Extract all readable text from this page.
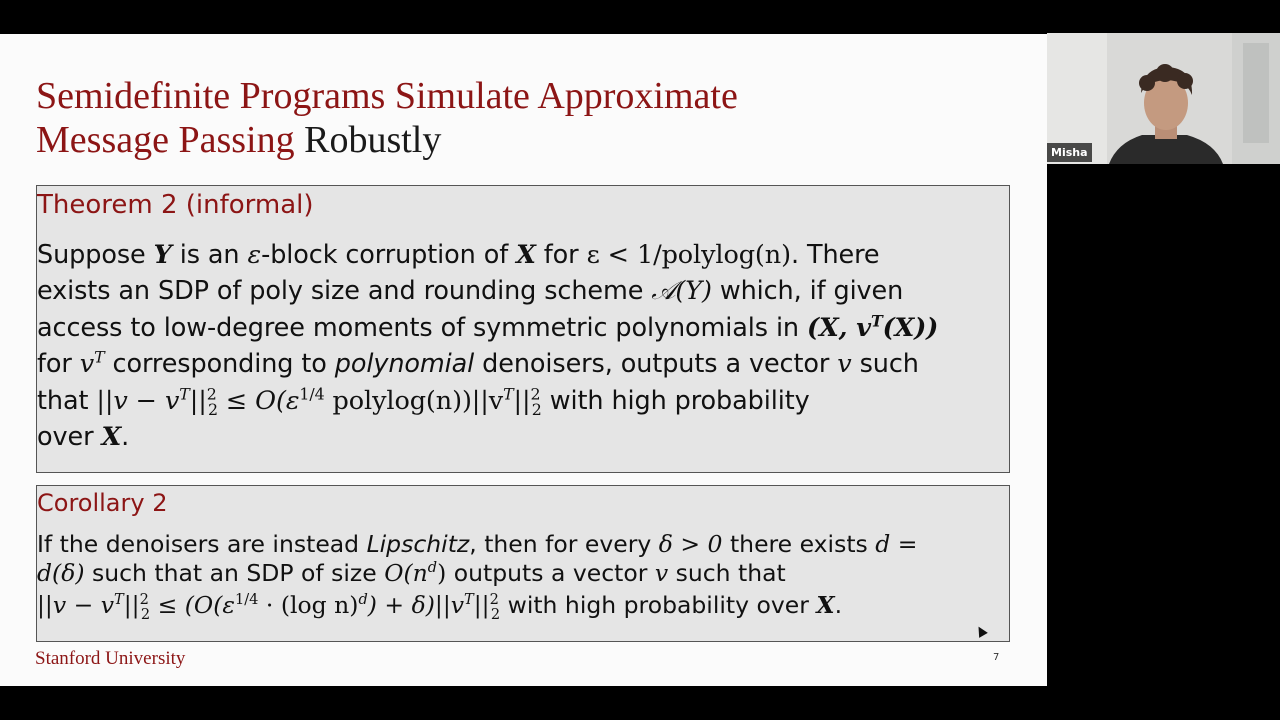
Semidefinite Programs Simulate Approximate
Message Passing Robustly
Theorem 2 (informal)
Suppose Y is an ε-block corruption of X for ε < 1/polylog(n). There
exists an SDP of poly size and rounding scheme 𝒜(Y) which, if given
access to low-degree moments of symmetric polynomials in (X, $v^T(X)$)
for $v^T$ corresponding to polynomial denoisers, outputs a vector v such
that $||v - v^T||^2_2 \le O(\varepsilon^{1/4}$ $polylog(n))||v^T||^2_2$ with high probability
over X.
Corollary 2
If the denoisers are instead Lipschitz, then for every δ > 0 there exists d =
d(δ) such that an SDP of size $O(n^d)$ outputs a vector v such that
$||v - v^T||^2_2 \le (O(\varepsilon^{1/4} \cdot (\log$ $n)^d) + \delta)||v^T||^2_2$ with high probability over X.
Stanford University	7
Misha
